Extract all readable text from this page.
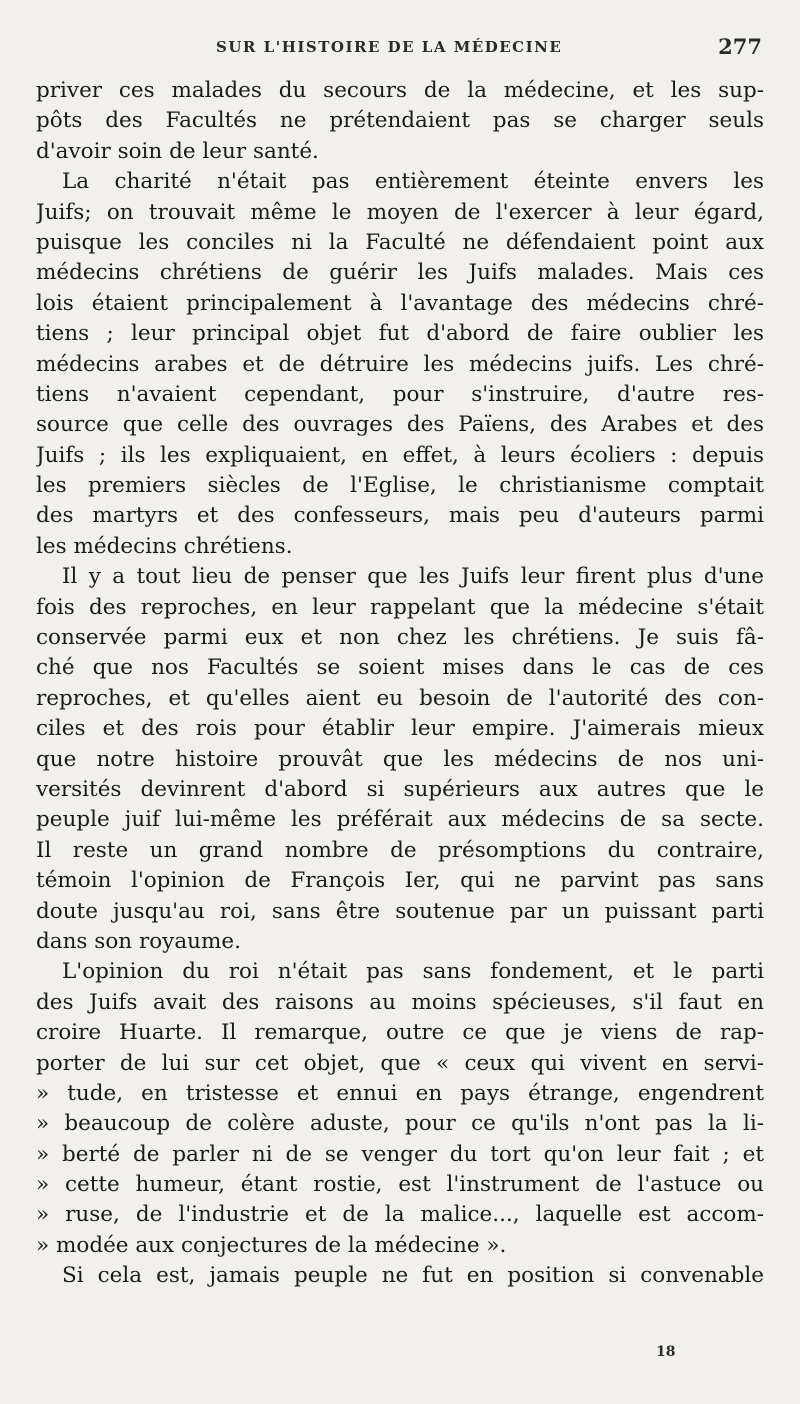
SUR L'HISTOIRE DE LA MÉDECINE	277
priver ces malades du secours de la médecine, et les sup-
pôts des Facultés ne prétendaient pas se charger seuls
d'avoir soin de leur santé.
La charité n'était pas entièrement éteinte envers les
Juifs; on trouvait même le moyen de l'exercer à leur égard,
puisque les conciles ni la Faculté ne défendaient point aux
médecins chrétiens de guérir les Juifs malades. Mais ces
lois étaient principalement à l'avantage des médecins chré-
tiens ; leur principal objet fut d'abord de faire oublier les
médecins arabes et de détruire les médecins juifs. Les chré-
tiens n'avaient cependant, pour s'instruire, d'autre res-
source que celle des ouvrages des Païens, des Arabes et des
Juifs ; ils les expliquaient, en effet, à leurs écoliers : depuis
les premiers siècles de l'Eglise, le christianisme comptait
des martyrs et des confesseurs, mais peu d'auteurs parmi
les médecins chrétiens.
Il y a tout lieu de penser que les Juifs leur firent plus d'une
fois des reproches, en leur rappelant que la médecine s'était
conservée parmi eux et non chez les chrétiens. Je suis fâ-
ché que nos Facultés se soient mises dans le cas de ces
reproches, et qu'elles aient eu besoin de l'autorité des con-
ciles et des rois pour établir leur empire. J'aimerais mieux
que notre histoire prouvât que les médecins de nos uni-
versités devinrent d'abord si supérieurs aux autres que le
peuple juif lui-même les préférait aux médecins de sa secte.
Il reste un grand nombre de présomptions du contraire,
témoin l'opinion de François Ier, qui ne parvint pas sans
doute jusqu'au roi, sans être soutenue par un puissant parti
dans son royaume.
L'opinion du roi n'était pas sans fondement, et le parti
des Juifs avait des raisons au moins spécieuses, s'il faut en
croire Huarte. Il remarque, outre ce que je viens de rap-
porter de lui sur cet objet, que « ceux qui vivent en servi-
» tude, en tristesse et ennui en pays étrange, engendrent
» beaucoup de colère aduste, pour ce qu'ils n'ont pas la li-
» berté de parler ni de se venger du tort qu'on leur fait ; et
» cette humeur, étant rostie, est l'instrument de l'astuce ou
» ruse, de l'industrie et de la malice..., laquelle est accom-
» modée aux conjectures de la médecine ».
Si cela est, jamais peuple ne fut en position si convenable
18
